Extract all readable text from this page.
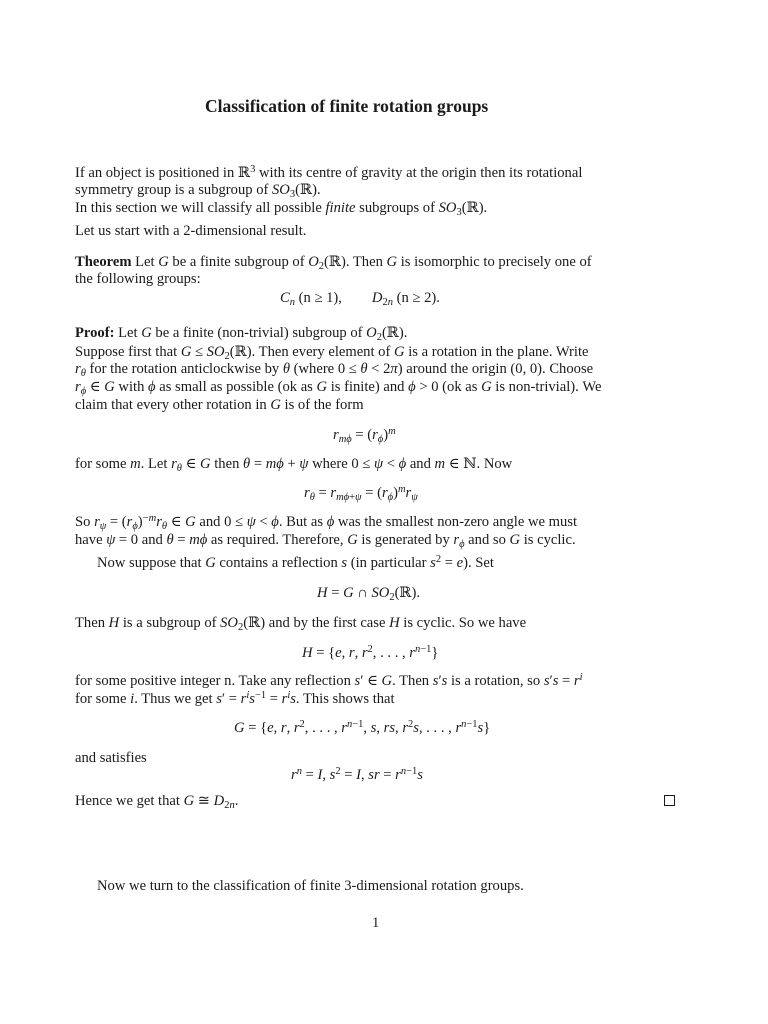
Classification of finite rotation groups
If an object is positioned in ℝ$^3$ with its centre of gravity at the origin then its rotational
symmetry group is a subgroup of $SO_3(ℝ)$.
In this section we will classify all possible finite subgroups of $SO_3(ℝ)$.
Let us start with a 2-dimensional result.
Theorem Let G be a finite subgroup of $O_2(ℝ)$. Then G is isomorphic to precisely one of
the following groups:
$C_n$ (n ≥ 1), $D_{2n}$ (n ≥ 2).
Proof: Let G be a finite (non-trivial) subgroup of $O_2(ℝ)$.
Suppose first that $G \le SO_2(ℝ)$. Then every element of G is a rotation in the plane. Write
$r_\theta$ for the rotation anticlockwise by θ (where 0 ≤ θ < 2π) around the origin (0, 0). Choose
$r_\phi$ ∈ G with ϕ as small as possible (ok as G is finite) and ϕ > 0 (ok as G is non-trivial). We
claim that every other rotation in G is of the form
$r_{m\phi} = (r_\phi)^m$
for some m. Let $r_\theta$ ∈ G then θ = mϕ + ψ where 0 ≤ ψ < ϕ and m ∈ ℕ. Now
$r_\theta = r_{m\phi+\psi} = (r_\phi)^mr_\psi$
So $r_\psi = (r_\phi)^{-m}r_\theta$ ∈ G and 0 ≤ ψ < ϕ. But as ϕ was the smallest non-zero angle we must
have ψ = 0 and θ = mϕ as required. Therefore, G is generated by $r_\phi$ and so G is cyclic.
Now suppose that G contains a reflection s (in particular $s^2 = e$). Set
H = G ∩ $SO_2(ℝ)$.
Then H is a subgroup of $SO_2(ℝ)$ and by the first case H is cyclic. So we have
H = {e, r, $r^2$, . . . , $r^{n-1}$}
for some positive integer n. Take any reflection s′ ∈ G. Then s′s is a rotation, so $s's = r^i$
for some i. Thus we get $s' = r^is^{-1} = r^is$. This shows that
G = {e, r, $r^2$, . . . , $r^{n-1}$, s, rs, $r^2s$, . . . , $r^{n-1}s$}
and satisfies
$r^n = I$, $s^2 = I$, sr = $r^{n-1}s$
Hence we get that G ≅ $D_{2n}$.
Now we turn to the classification of finite 3-dimensional rotation groups.
1
